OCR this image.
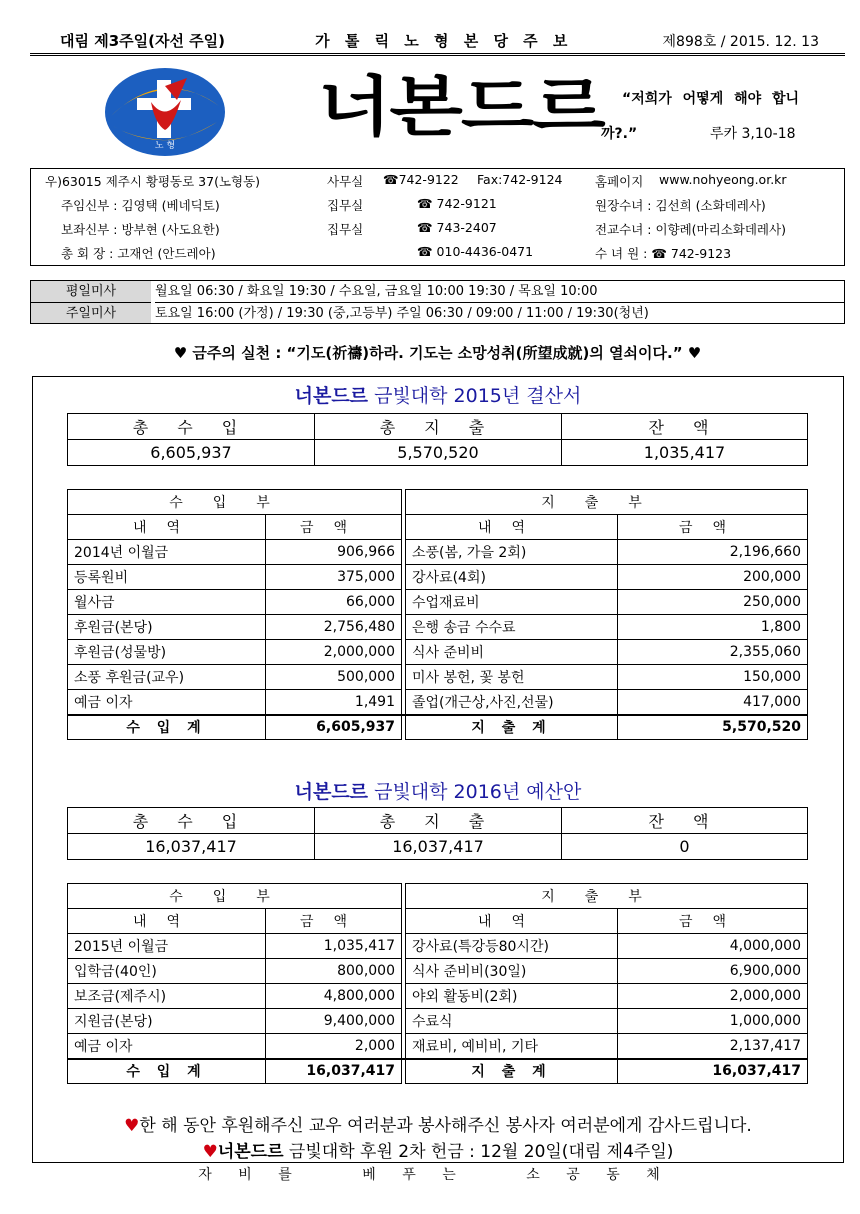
대림 제3주일(자선 주일)	가 톨 릭 노 형 본 당 주 보	제898호 / 2015. 12. 13
노 형
너본드르	“저희가 어떻게 해야 합니
까?.”	루카 3,10-18
우)63015 제주시 황평동로 37(노형동)	사무실 ☎742-9122 Fax:742-9124	홈페이지 www.nohyeong.or.kr
주임신부 : 김영택 (베네딕토)	집무실	☎ 742-9121	원장수녀 : 김선희 (소화데레사)
보좌신부 : 방부현 (사도요한)	집무실	☎ 743-2407	전교수녀 : 이향례(마리소화데레사)
총 회 장 : 고재언 (안드레아)	☎ 010-4436-0471	수 녀 원 : ☎ 742-9123
평일미사	월요일 06:30 / 화요일 19:30 / 수요일, 금요일 10:00 19:30 / 목요일 10:00
주일미사	토요일 16:00 (가정) / 19:30 (중,고등부) 주일 06:30 / 09:00 / 11:00 / 19:30(청년)
♥ 금주의 실천 : “기도(祈禱)하라. 기도는 소망성취(所望成就)의 열쇠이다.” ♥
너본드르 금빛대학 2015년 결산서
총 수 입	총 지 출	잔 액
6,605,937	5,570,520	1,035,417
수입부			지출부	
내역	금액		내역	금액
2014년 이월금	906,966		소풍(봄, 가을 2회)	2,196,660
등록원비	375,000		강사료(4회)	200,000
월사금	66,000		수업재료비	250,000
후원금(본당)	2,756,480		은행 송금 수수료	1,800
후원금(성물방)	2,000,000		식사 준비비	2,355,060
소풍 후원금(교우)	500,000		미사 봉헌, 꽃 봉헌	150,000
예금 이자	1,491		졸업(개근상,사진,선물)	417,000
수 입 계	6,605,937		지 출 계	5,570,520
너본드르 금빛대학 2016년 예산안
총 수 입	총 지 출	잔 액
16,037,417	16,037,417	0
수입부			지출부	
내역	금액		내역	금액
2015년 이월금	1,035,417		강사료(특강등80시간)	4,000,000
입학금(40인)	800,000		식사 준비비(30일)	6,900,000
보조금(제주시)	4,800,000		야외 활동비(2회)	2,000,000
지원금(본당)	9,400,000		수료식	1,000,000
예금 이자	2,000		재료비, 예비비, 기타	2,137,417
수 입 계	16,037,417		지 출 계	16,037,417
♥한 해 동안 후원해주신 교우 여러분과 봉사해주신 봉사자 여러분에게 감사드립니다.
♥너본드르 금빛대학 후원 2차 헌금 : 12월 20일(대림 제4주일)
자 비 를	베 푸 는	소 공 동 체
